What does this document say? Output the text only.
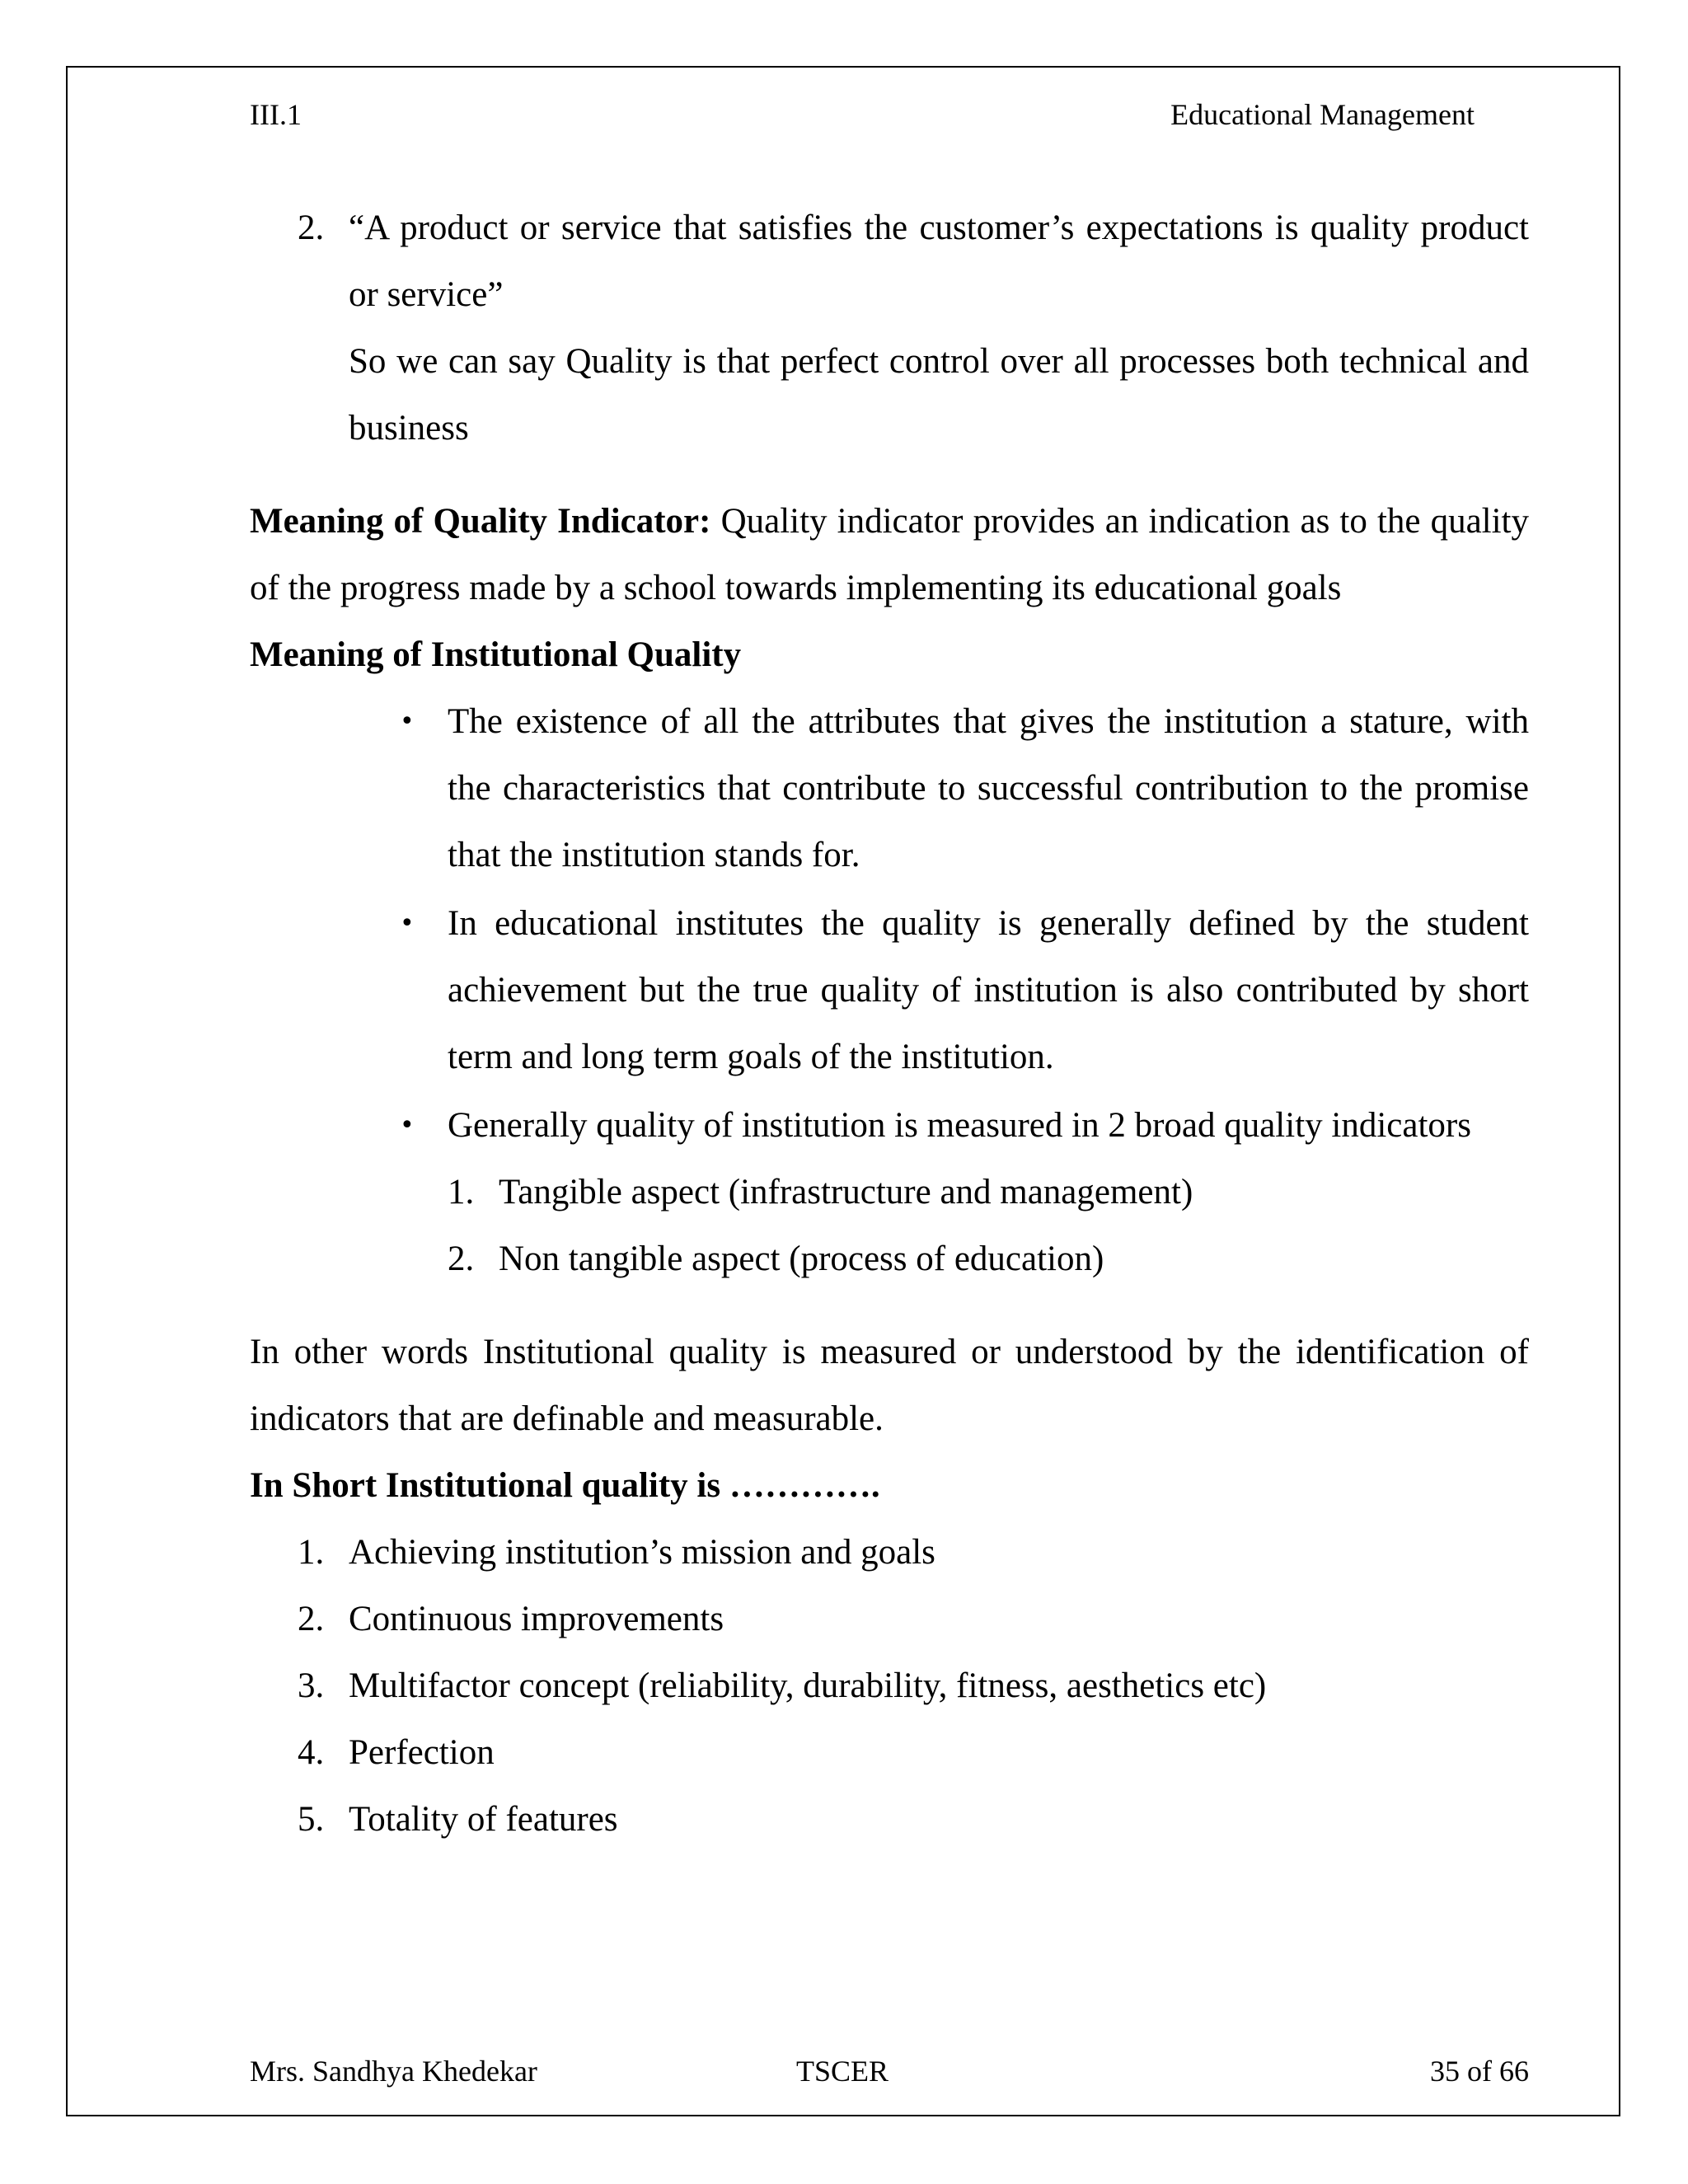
III.1	Educational Management
2. “A product or service that satisfies the customer’s expectations is quality product or service”
So we can say Quality is that perfect control over all processes both technical and business

Meaning of Quality Indicator: Quality indicator provides an indication as to the quality of the progress made by a school towards implementing its educational goals

Meaning of Institutional Quality

• The existence of all the attributes that gives the institution a stature, with the characteristics that contribute to successful contribution to the promise that the institution stands for.
• In educational institutes the quality is generally defined by the student achievement but the true quality of institution is also contributed by short term and long term goals of the institution.
• Generally quality of institution is measured in 2 broad quality indicators
1. Tangible aspect (infrastructure and management)
2. Non tangible aspect (process of education)

In other words Institutional quality is measured or understood by the identification of indicators that are definable and measurable.

In Short Institutional quality is ………….

1. Achieving institution’s mission and goals
2. Continuous improvements
3. Multifactor concept (reliability, durability, fitness, aesthetics etc)
4. Perfection
5. Totality of features
Mrs. Sandhya Khedekar	TSCER	35 of 66
